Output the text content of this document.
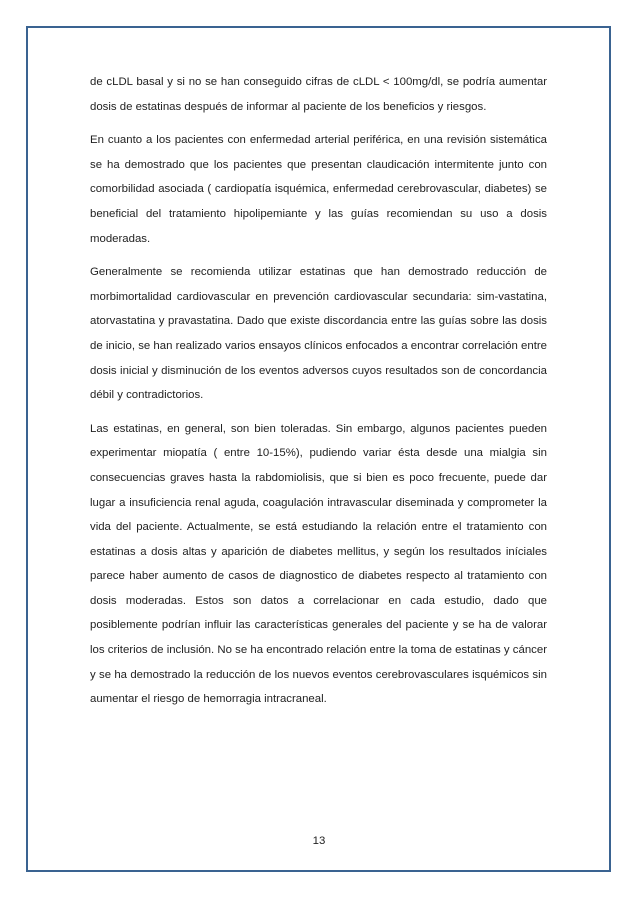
de cLDL basal y si no se han conseguido cifras de cLDL < 100mg/dl, se podría aumentar dosis de estatinas después de informar al paciente de los beneficios y riesgos.

En cuanto a los pacientes con enfermedad arterial periférica, en una revisión sistemática se ha demostrado que los pacientes que presentan claudicación intermitente junto con comorbilidad asociada ( cardiopatía isquémica, enfermedad cerebrovascular, diabetes) se beneficial del tratamiento hipolipemiante y las guías recomiendan su uso a dosis moderadas.

Generalmente se recomienda utilizar estatinas que han demostrado reducción de morbimortalidad cardiovascular en prevención cardiovascular secundaria: sim-vastatina, atorvastatina y pravastatina. Dado que existe discordancia entre las guías sobre las dosis de inicio, se han realizado varios ensayos clínicos enfocados a encontrar correlación entre dosis inicial y disminución de los eventos adversos cuyos resultados son de concordancia débil y contradictorios.

Las estatinas, en general, son bien toleradas. Sin embargo, algunos pacientes pueden experimentar miopatía ( entre 10-15%), pudiendo variar ésta desde una mialgia sin consecuencias graves hasta la rabdomiolisis, que si bien es poco frecuente, puede dar lugar a insuficiencia renal aguda, coagulación intravascular diseminada y comprometer la vida del paciente. Actualmente, se está estudiando la relación entre el tratamiento con estatinas a dosis altas y aparición de diabetes mellitus, y según los resultados iníciales parece haber aumento de casos de diagnostico de diabetes respecto al tratamiento con dosis moderadas. Estos son datos a correlacionar en cada estudio, dado que posiblemente podrían influir las características generales del paciente y se ha de valorar los criterios de inclusión. No se ha encontrado relación entre la toma de estatinas y cáncer y se ha demostrado la reducción de los nuevos eventos cerebrovasculares isquémicos sin aumentar el riesgo de hemorragia intracraneal.

13
